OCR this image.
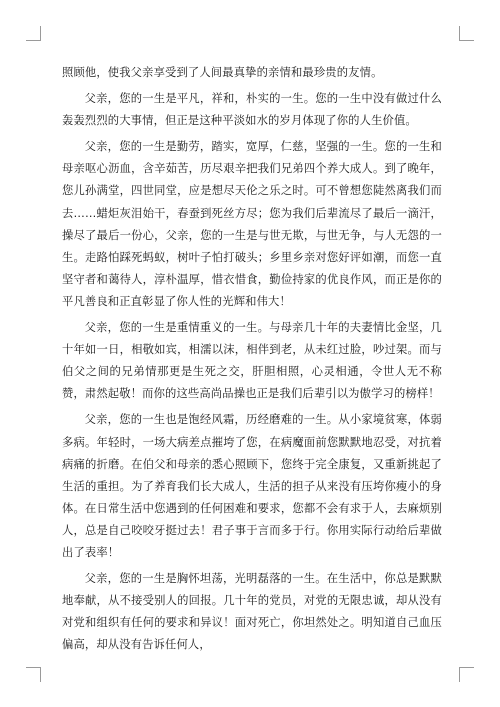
照顾他，使我父亲享受到了人间最真挚的亲情和最珍贵的友情。

父亲，您的一生是平凡，祥和，朴实的一生。您的一生中没有做过什么轰轰烈烈的大事情，但正是这种平淡如水的岁月体现了你的人生价值。

父亲，您的一生是勤劳，踏实，宽厚，仁慈，坚强的一生。您的一生和母亲呕心沥血，含辛茹苦，历尽艰辛把我们兄弟四个养大成人。到了晚年，您儿孙满堂，四世同堂，应是想尽天伦之乐之时。可不曾想您陡然离我们而去……蜡炬灰泪始干，春蚕到死丝方尽；您为我们后辈流尽了最后一滴汗，操尽了最后一份心，父亲，您的一生是与世无欺，与世无争，与人无怨的一生。走路怕踩死蚂蚁，树叶子怕打破头；乡里乡亲对您好评如潮，而您一直坚守者和蔼待人，淳朴温厚，惜衣惜食，勤俭持家的优良作风，而正是你的平凡善良和正直彰显了你人性的光辉和伟大！

父亲，您的一生是重情重义的一生。与母亲几十年的夫妻情比金坚，几十年如一日，相敬如宾，相濡以沫，相伴到老，从未红过脸，吵过架。而与伯父之间的兄弟情那更是生死之交，肝胆相照，心灵相通，令世人无不称赞，肃然起敬！而你的这些高尚品操也正是我们后辈引以为傲学习的榜样！

父亲，您的一生也是饱经风霜，历经磨难的一生。从小家境贫寒，体弱多病。年轻时，一场大病差点摧垮了您，在病魔面前您默默地忍受，对抗着病痛的折磨。在伯父和母亲的悉心照顾下，您终于完全康复，又重新挑起了生活的重担。为了养育我们长大成人，生活的担子从来没有压垮你瘦小的身体。在日常生活中您遇到的任何困难和要求，您都不会有求于人，去麻烦别人，总是自己咬咬牙挺过去！君子事于言而多于行。你用实际行动给后辈做出了表率！

父亲，您的一生是胸怀坦荡，光明磊落的一生。在生活中，你总是默默地奉献，从不接受别人的回报。几十年的党员，对党的无限忠诚，却从没有对党和组织有任何的要求和异议！面对死亡，你坦然处之。明知道自己血压偏高，却从没有告诉任何人，
